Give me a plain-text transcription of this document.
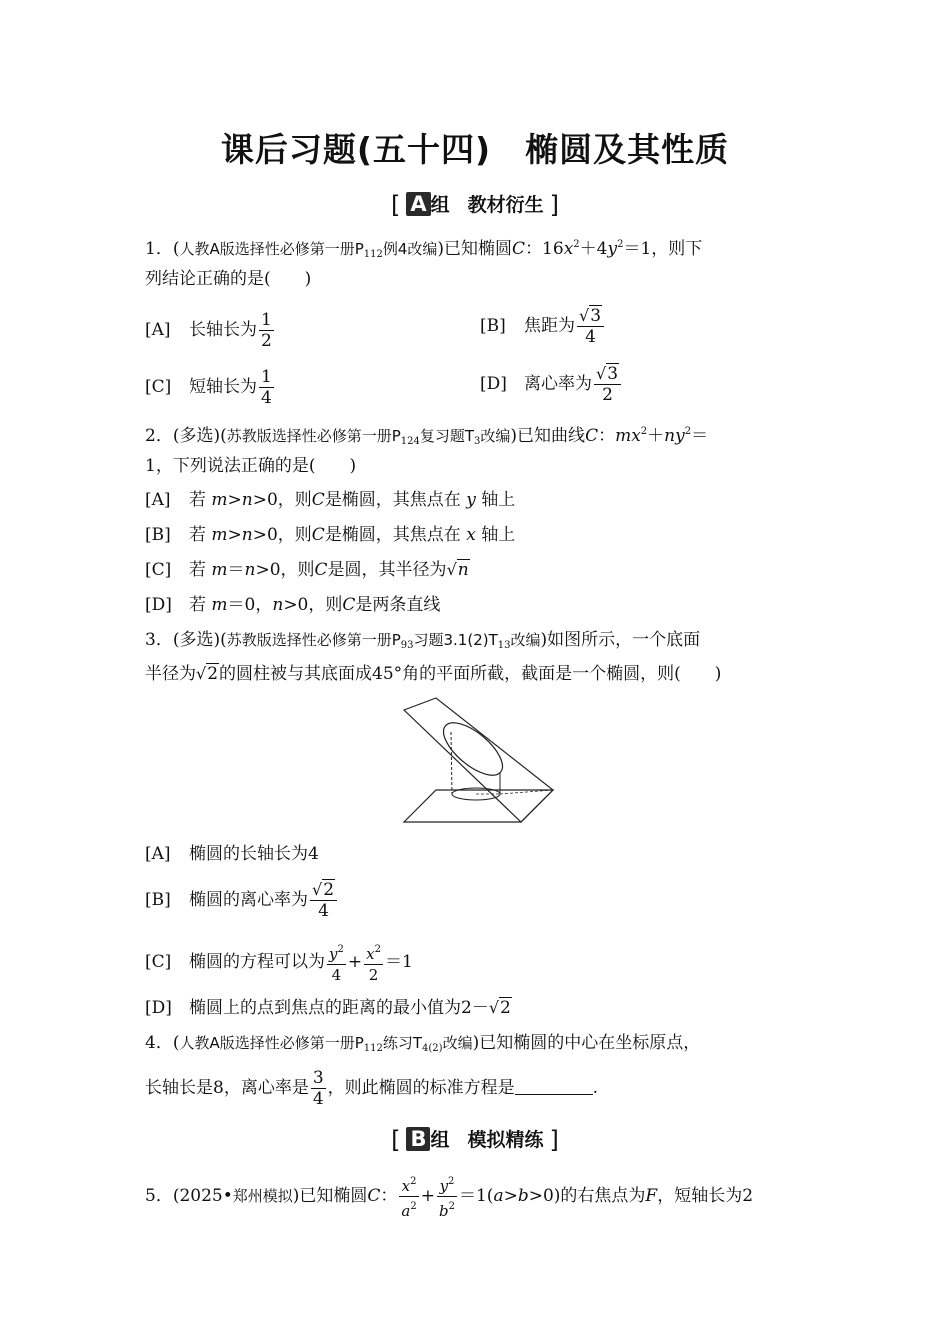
课后习题(五十四) 椭圆及其性质
[ A 组 教材衍生 ]
1．(人教A版选择性必修第一册$P_{112}$例4改编)已知椭圆C：$16x^2+4y^2=1$，则下
列结论正确的是(　　)
[A] 长轴长为 $\frac{1}{2}$	[B] 焦距为 $\frac{√3}{4}$
[C] 短轴长为 $\frac{1}{4}$	[D] 离心率为 $\frac{√3}{2}$
2．(多选)(苏教版选择性必修第一册$P_{124}$复习题$T_3$改编)已知曲线C：$mx^2+ny^2=$
1，下列说法正确的是(　　)
[A] 若 m>n>0，则C是椭圆，其焦点在 y 轴上
[B] 若 m>n>0，则C是椭圆，其焦点在 x 轴上
[C] 若 m＝n>0，则C是圆，其半径为√n
[D] 若 m＝0，n>0，则C是两条直线
3．(多选)(苏教版选择性必修第一册$P_{93}$习题$3.1(2)T_{13}$改编)如图所示，一个底面
半径为√2的圆柱被与其底面成45°角的平面所截，截面是一个椭圆，则(　　)
[A] 椭圆的长轴长为4
[B] 椭圆的离心率为 $\frac{√2}{4}$
[C] 椭圆的方程可以为 $\frac{y^2}{4} + \frac{x^2}{2} =1$
[D] 椭圆上的点到焦点的距离的最小值为2－√2
4．(人教A版选择性必修第一册$P_{112}$练习$T_{4(2)}$改编)已知椭圆的中心在坐标原点，
长轴长是8，离心率是 $\frac{3}{4}$ ，则此椭圆的标准方程是	.
[ B 组 模拟精练 ]
5．(2025•郑州模拟)已知椭圆C： $\frac{x^2}{a^2} + \frac{y^2}{b^2} =1(a>b>0)$的右焦点为F，短轴长为2
